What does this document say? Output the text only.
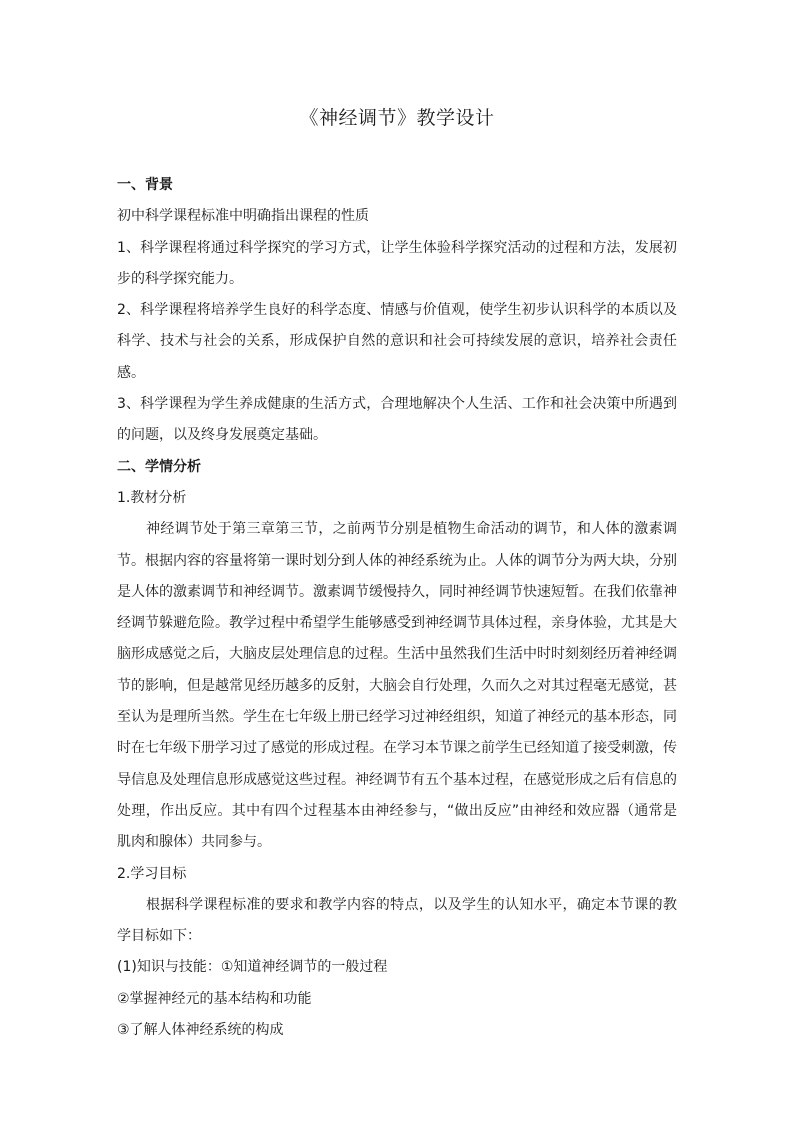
《神经调节》教学设计

一、背景

初中科学课程标准中明确指出课程的性质

1、科学课程将通过科学探究的学习方式，让学生体验科学探究活动的过程和方法，发展初步的科学探究能力。

2、科学课程将培养学生良好的科学态度、情感与价值观，使学生初步认识科学的本质以及科学、技术与社会的关系，形成保护自然的意识和社会可持续发展的意识，培养社会责任感。

3、科学课程为学生养成健康的生活方式，合理地解决个人生活、工作和社会决策中所遇到的问题，以及终身发展奠定基础。

二、学情分析

1.教材分析

神经调节处于第三章第三节，之前两节分别是植物生命活动的调节，和人体的激素调节。根据内容的容量将第一课时划分到人体的神经系统为止。人体的调节分为两大块，分别是人体的激素调节和神经调节。激素调节缓慢持久，同时神经调节快速短暂。在我们依靠神经调节躲避危险。教学过程中希望学生能够感受到神经调节具体过程，亲身体验，尤其是大脑形成感觉之后，大脑皮层处理信息的过程。生活中虽然我们生活中时时刻刻经历着神经调节的影响，但是越常见经历越多的反射，大脑会自行处理，久而久之对其过程毫无感觉，甚至认为是理所当然。学生在七年级上册已经学习过神经组织，知道了神经元的基本形态，同时在七年级下册学习过了感觉的形成过程。在学习本节课之前学生已经知道了接受刺激，传导信息及处理信息形成感觉这些过程。神经调节有五个基本过程，在感觉形成之后有信息的处理，作出反应。其中有四个过程基本由神经参与，“做出反应”由神经和效应器（通常是肌肉和腺体）共同参与。

2.学习目标

根据科学课程标准的要求和教学内容的特点，以及学生的认知水平，确定本节课的教学目标如下：

(1)知识与技能：①知道神经调节的一般过程

②掌握神经元的基本结构和功能

③了解人体神经系统的构成
